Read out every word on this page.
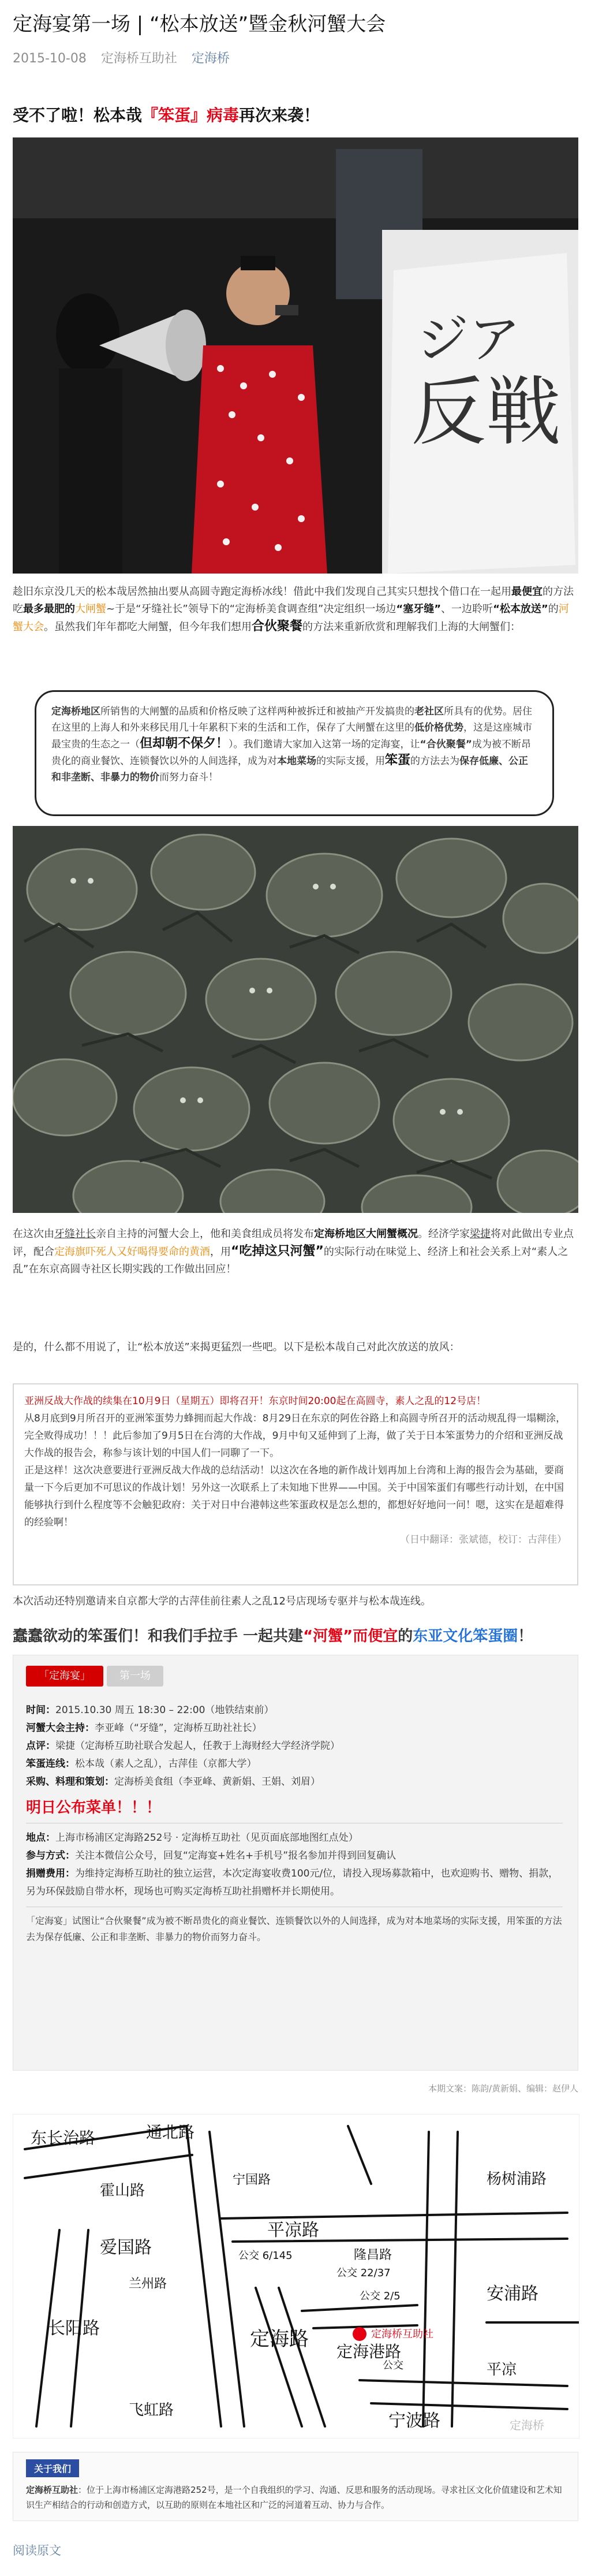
定海宴第一场 | “松本放送”暨金秋河蟹大会
2015-10-08 定海桥互助社 定海桥
受不了啦！松本哉『笨蛋』病毒再次来袭！
ジア
反戦
趁旧东京没几天的松本哉居然抽出要从高圆寺跑定海桥冰线！借此中我们发现自己其实只想找个借口在一起用最便宜的方法吃最多最肥的大闸蟹~于是“牙缝社长”领导下的“定海桥美食调查组”决定组织一场边“塞牙缝”、一边聆听“松本放送”的河蟹大会。虽然我们年年都吃大闸蟹，但今年我们想用合伙聚餐的方法来重新欣赏和理解我们上海的大闸蟹们：
定海桥地区所销售的大闸蟹的品质和价格反映了这样两种被拆迁和被抽产开发搞贵的老社区所具有的优势。居住在这里的上海人和外来移民用几十年累积下来的生活和工作，保存了大闸蟹在这里的低价格优势，这是这座城市最宝贵的生态之一（但却朝不保夕！）。我们邀请大家加入这第一场的定海宴，让“合伙聚餐”成为被不断昂贵化的商业餐饮、连锁餐饮以外的人间选择，成为对本地菜场的实际支援，用笨蛋的方法去为保存低廉、公正和非垄断、非暴力的物价而努力奋斗！
在这次由牙缝社长亲自主持的河蟹大会上，他和美食组成员将发布定海桥地区大闸蟹概况。经济学家梁捷将对此做出专业点评，配合定海旗吓死人又好喝得要命的黄酒，用“吃掉这只河蟹”的实际行动在味觉上、经济上和社会关系上对“素人之乱”在东京高圆寺社区长期实践的工作做出回应！
是的，什么都不用说了，让“松本放送”来揭更猛烈一些吧。以下是松本哉自己对此次放送的放风：
亚洲反战大作战的续集在10月9日（星期五）即将召开！东京时间20:00起在高圆寺，素人之乱的12号店！
从8月底到9月所召开的亚洲笨蛋势力蜂拥而起大作战：8月29日在东京的阿佐谷路上和高圆寺所召开的活动规乱得一塌糊涂，完全败得成功！！！此后参加了9月5日在台湾的大作战，9月中旬又延伸到了上海，做了关于日本笨蛋势力的介绍和亚洲反战大作战的报告会，称参与该计划的中国人们一同聊了一下。
正是这样！这次决意要进行亚洲反战大作战的总结活动！以这次在各地的新作战计划再加上台湾和上海的报告会为基础，要商量一下今后更加不可思议的作战计划！另外这一次联系上了未知地下世界——中国。关于中国笨蛋们有哪些行动计划，在中国能够执行到什么程度等不会触犯政府：关于对日中台港韩这些笨蛋政权是怎么想的，都想好好地问一问！嗯，这实在是超难得的经验啊！
（日中翻译：张斌德，校订：古萍佳）
本次活动还特别邀请来自京都大学的古萍佳前往素人之乱12号店现场专驱并与松本哉连线。
蠢蠢欲动的笨蛋们！和我们手拉手 一起共建“河蟹”而便宜的东亚文化笨蛋圈！
「定海宴」	第一场
时间：2015.10.30 周五 18:30 – 22:00（地铁结束前）
河蟹大会主持：李亚峰（“牙缝”，定海桥互助社社长）
点评：梁捷（定海桥互助社联合发起人，任教于上海财经大学经济学院）
笨蛋连线：松本哉（素人之乱），古萍佳（京都大学）
采购、料理和策划：定海桥美食组（李亚峰、黄新娟、王娟、刘眉）
明日公布菜单！！！
地点：上海市杨浦区定海路252号 · 定海桥互助社（见页面底部地图红点处）
参与方式：关注本微信公众号，回复“定海宴+姓名+手机号”报名参加并得到回复确认
捐赠费用：为维持定海桥互助社的独立运营，本次定海宴收费100元/位，请投入现场募款箱中，也欢迎购书、赠物、捐款，另为环保鼓励自带水杯，现场也可购买定海桥互助社捐赠杯并长期使用。
「定海宴」试图让“合伙聚餐”成为被不断昂贵化的商业餐饮、连锁餐饮以外的人间选择，成为对本地菜场的实际支援，用笨蛋的方法去为保存低廉、公正和非垄断、非暴力的物价而努力奋斗。
本期文案：陈韵/黄新娟、编辑：赵伊人
东长治路	通北路
霍山路
爱国路
平凉路
长阳路	定海路
定海港路
杨树浦路
安浦路
宁波路
平凉
飞虹路
宁国路
隆昌路
兰州路
公交 22/37
公交 6/145
公交 2/5
公交
定海桥互助社
定海桥
关于我们
定海桥互助社：位于上海市杨浦区定海港路252号，是一个自我组织的学习、沟通、反思和服务的活动现场。寻求社区文化价值建设和艺术知识生产相结合的行动和创造方式，以互助的原则在本地社区和广泛的河道着互动、协力与合作。
阅读原文
